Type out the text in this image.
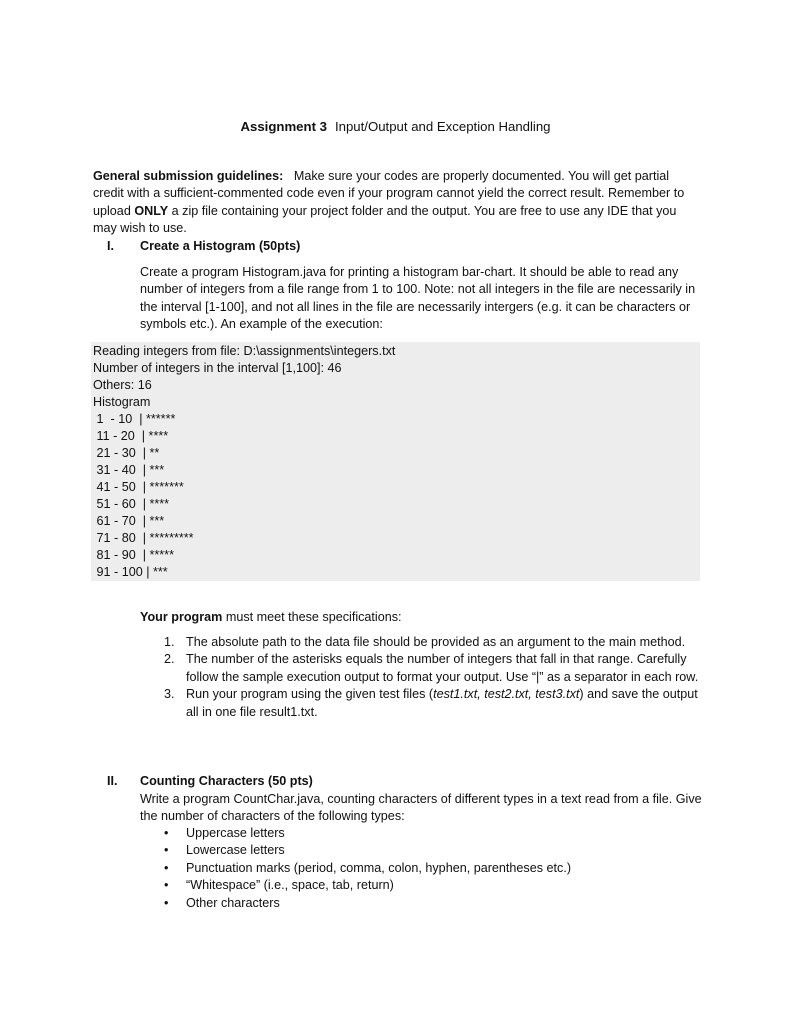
Assignment 3 Input/Output and Exception Handling
General submission guidelines: Make sure your codes are properly documented. You will get partial credit with a sufficient-commented code even if your program cannot yield the correct result. Remember to upload ONLY a zip file containing your project folder and the output. You are free to use any IDE that you may wish to use.
I. Create a Histogram (50pts)
Create a program Histogram.java for printing a histogram bar-chart. It should be able to read any number of integers from a file range from 1 to 100. Note: not all integers in the file are necessarily in the interval [1-100], and not all lines in the file are necessarily intergers (e.g. it can be characters or symbols etc.). An example of the execution:
Reading integers from file: D:\assignments\integers.txt
Number of integers in the interval [1,100]: 46
Others: 16
Histogram
1  - 10  | ******
11 - 20  | ****
21 - 30  | **
31 - 40  | ***
41 - 50  | *******
51 - 60  | ****
61 - 70  | ***
71 - 80  | *********
81 - 90  | *****
91 - 100 | ***
Your program must meet these specifications:
1. The absolute path to the data file should be provided as an argument to the main method.
2. The number of the asterisks equals the number of integers that fall in that range. Carefully follow the sample execution output to format your output. Use “|” as a separator in each row.
3. Run your program using the given test files (test1.txt, test2.txt, test3.txt) and save the output all in one file result1.txt.
II. Counting Characters (50 pts)
Write a program CountChar.java, counting characters of different types in a text read from a file. Give the number of characters of the following types:
• Uppercase letters
• Lowercase letters
• Punctuation marks (period, comma, colon, hyphen, parentheses etc.)
• “Whitespace” (i.e., space, tab, return)
• Other characters
